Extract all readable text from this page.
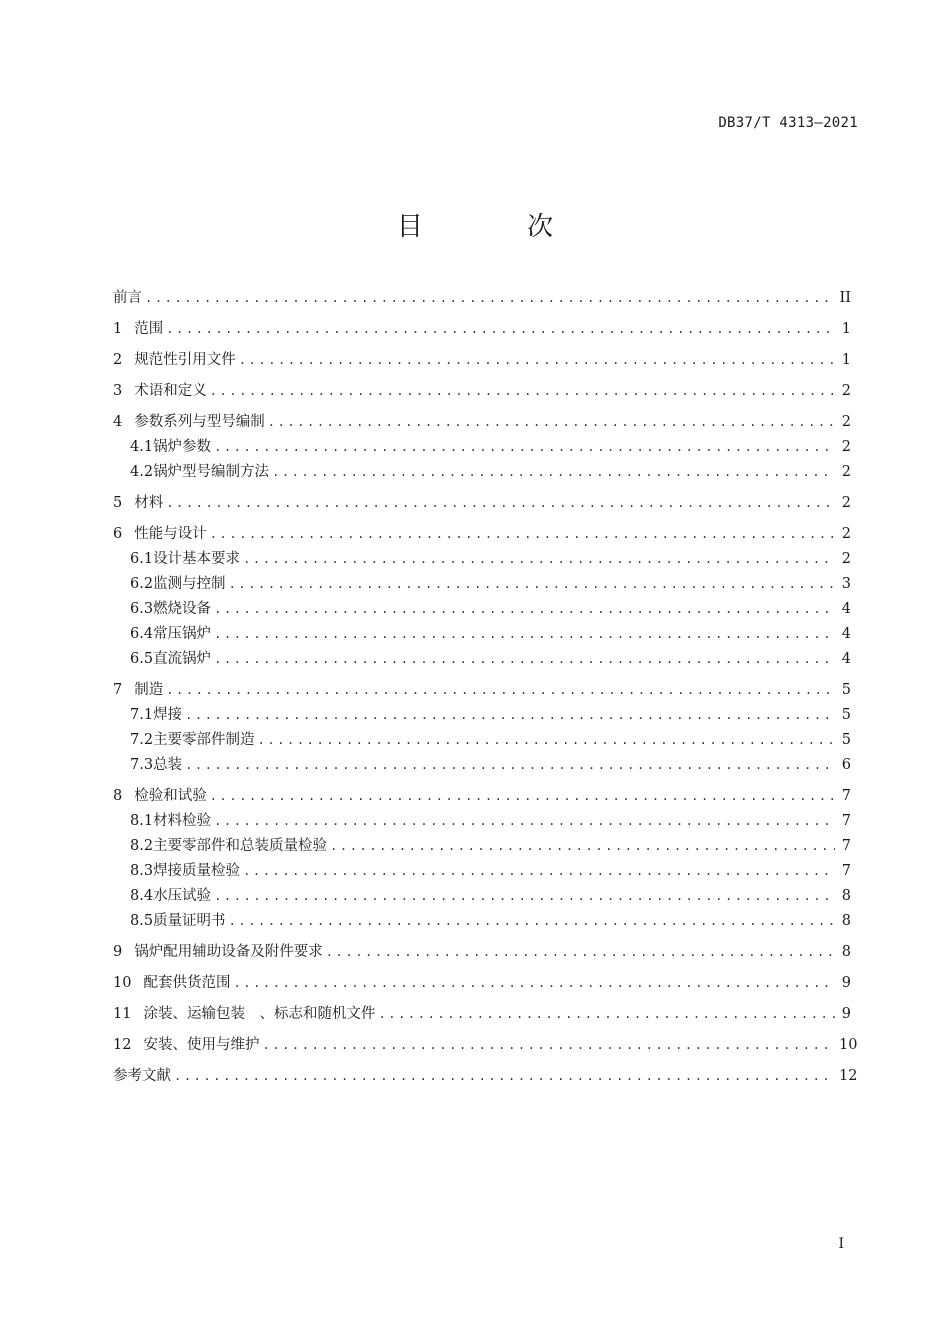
DB37/T 4313—2021
目 次
前言 .....	II
1 范围 .....	1
2 规范性引用文件 .....	1
3 术语和定义 .....	2
4 参数系列与型号编制 .....	2
4.1 锅炉参数 .....	2
4.2 锅炉型号编制方法 .....	2
5 材料 .....	2
6 性能与设计 .....	2
6.1 设计基本要求 .....	2
6.2 监测与控制 .....	3
6.3 燃烧设备 .....	4
6.4 常压锅炉 .....	4
6.5 直流锅炉 .....	4
7 制造 .....	5
7.1 焊接 .....	5
7.2 主要零部件制造 .....	5
7.3 总装 .....	6
8 检验和试验 .....	7
8.1 材料检验 .....	7
8.2 主要零部件和总装质量检验 .....	7
8.3 焊接质量检验 .....	7
8.4 水压试验 .....	8
8.5 质量证明书 .....	8
9 锅炉配用辅助设备及附件要求 .....	8
10 配套供货范围 .....	9
11 涂装、运输包装　、标志和随机文件 .....	9
12 安装、使用与维护 .....	10
参考文献 .....	12
I
